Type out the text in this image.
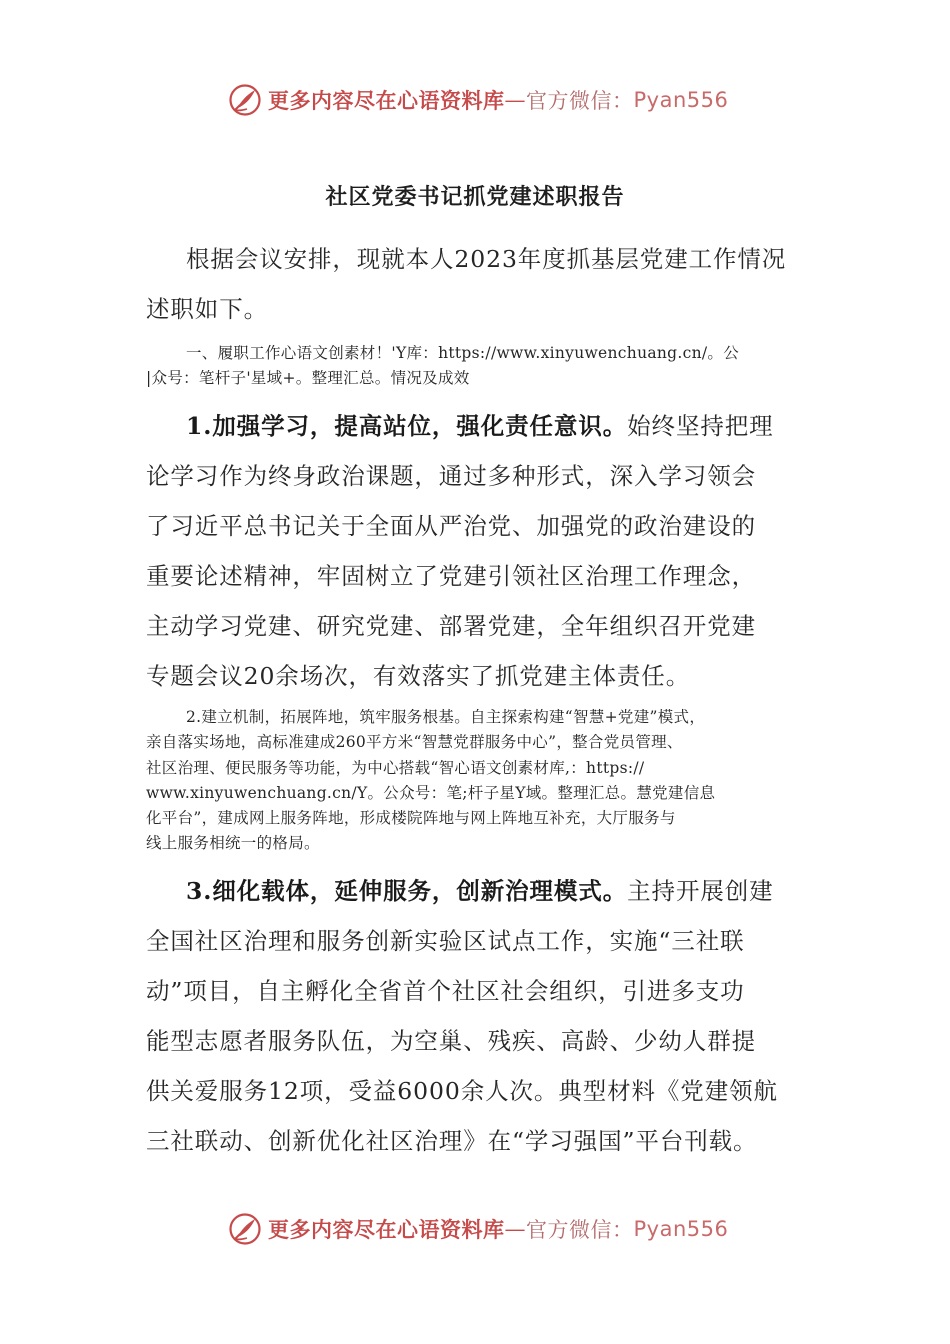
更多内容尽在心语资料库 — 官方微信： Pyan556
社区党委书记抓党建述职报告
根据会议安排，现就本人2023年度抓基层党建工作情况
述职如下。
一、履职工作心语文创素材！'Y库：https://www.xinyuwenchuang.cn/。公
|众号：笔杆子'星域+。整理汇总。情况及成效
1.加强学习，提高站位，强化责任意识。始终坚持把理
论学习作为终身政治课题，通过多种形式，深入学习领会
了习近平总书记关于全面从严治党、加强党的政治建设的
重要论述精神，牢固树立了党建引领社区治理工作理念，
主动学习党建、研究党建、部署党建，全年组织召开党建
专题会议20余场次，有效落实了抓党建主体责任。
2.建立机制，拓展阵地，筑牢服务根基。自主探索构建“智慧+党建”模式，
亲自落实场地，高标准建成260平方米“智慧党群服务中心”，整合党员管理、
社区治理、便民服务等功能，为中心搭载“智心语文创素材库,：https://
www.xinyuwenchuang.cn/Y。公众号：笔;杆子星Y域。整理汇总。慧党建信息
化平台”，建成网上服务阵地，形成楼院阵地与网上阵地互补充，大厅服务与
线上服务相统一的格局。
3.细化载体，延伸服务，创新治理模式。主持开展创建
全国社区治理和服务创新实验区试点工作，实施“三社联
动”项目，自主孵化全省首个社区社会组织，引进多支功
能型志愿者服务队伍，为空巢、残疾、高龄、少幼人群提
供关爱服务12项，受益6000余人次。典型材料《党建领航
三社联动、创新优化社区治理》在“学习强国”平台刊载。
更多内容尽在心语资料库 — 官方微信： Pyan556
